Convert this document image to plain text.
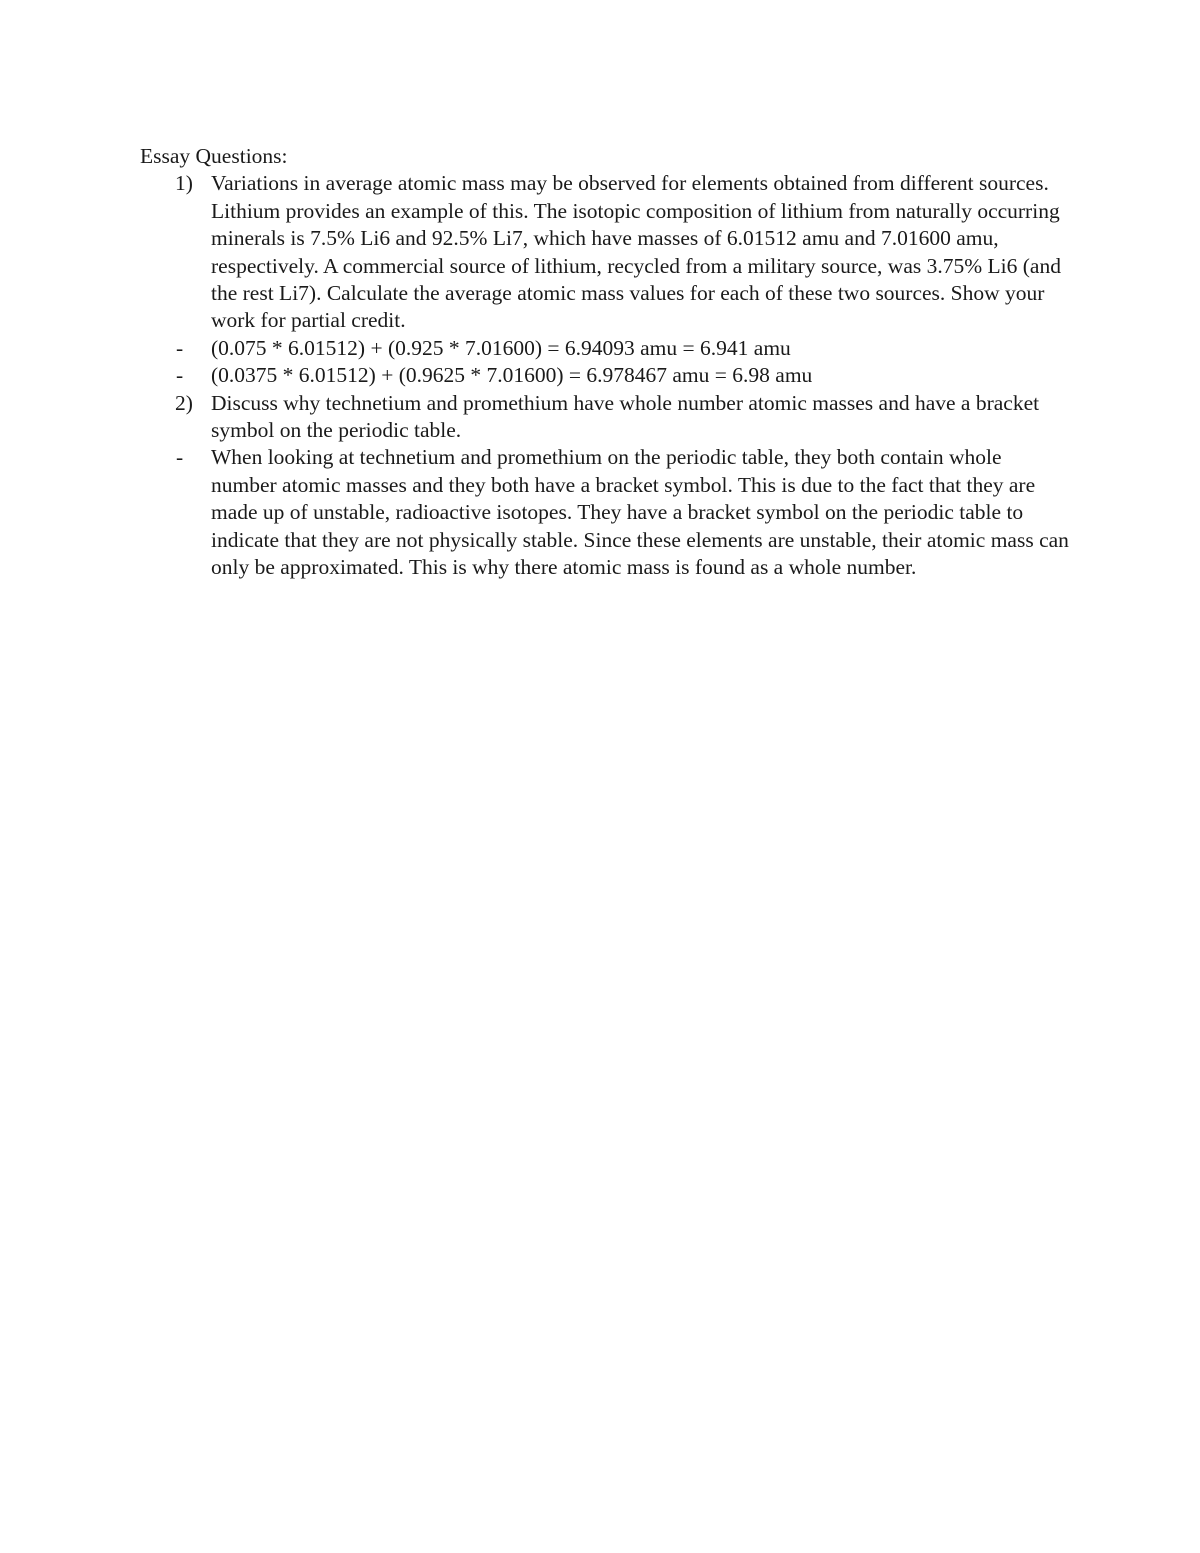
Essay Questions:
1) Variations in average atomic mass may be observed for elements obtained from different sources. Lithium provides an example of this. The isotopic composition of lithium from naturally occurring minerals is 7.5% Li6 and 92.5% Li7, which have masses of 6.01512 amu and 7.01600 amu, respectively. A commercial source of lithium, recycled from a military source, was 3.75% Li6 (and the rest Li7). Calculate the average atomic mass values for each of these two sources. Show your work for partial credit.
- (0.075 * 6.01512) + (0.925 * 7.01600) = 6.94093 amu = 6.941 amu
- (0.0375 * 6.01512) + (0.9625 * 7.01600) = 6.978467 amu = 6.98 amu
2) Discuss why technetium and promethium have whole number atomic masses and have a bracket symbol on the periodic table.
- When looking at technetium and promethium on the periodic table, they both contain whole number atomic masses and they both have a bracket symbol. This is due to the fact that they are made up of unstable, radioactive isotopes. They have a bracket symbol on the periodic table to indicate that they are not physically stable. Since these elements are unstable, their atomic mass can only be approximated. This is why there atomic mass is found as a whole number.
